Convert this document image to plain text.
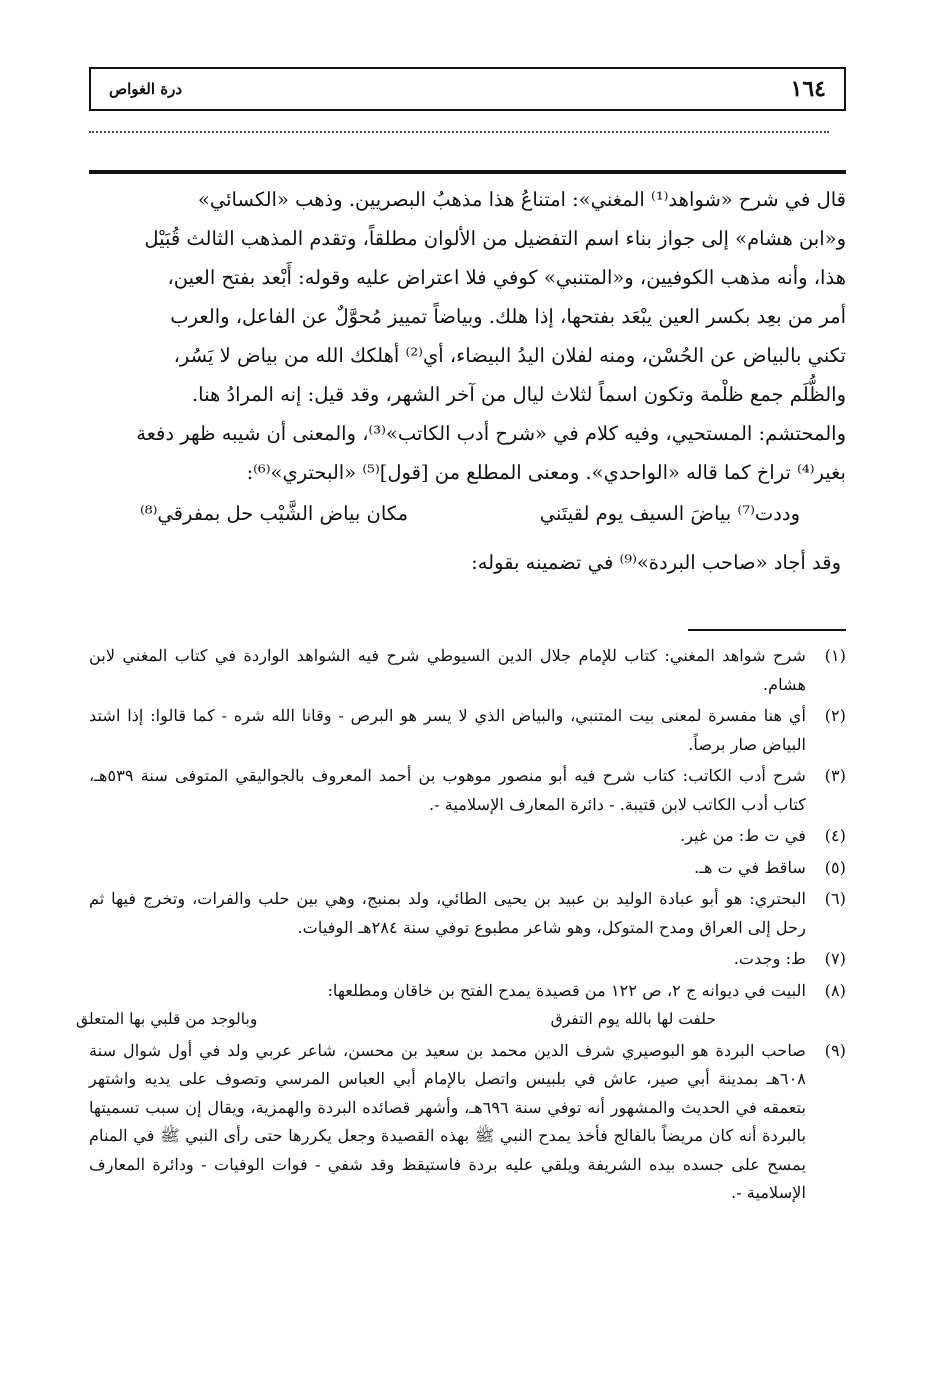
١٦٤
درة الغواص

قال في شرح «شواهد⁽¹⁾ المغني»: امتناعُ هذا مذهبُ البصريين. وذهب «الكسائي»

و«ابن هشام» إلى جواز بناء اسم التفضيل من الألوان مطلقاً، وتقدم المذهب الثالث قُبَيْل

هذا، وأنه مذهب الكوفيين، و«المتنبي» كوفي فلا اعتراض عليه وقوله: أَبْعد بفتح العين،

أمر من بعِد بكسر العين يبْعَد بفتحها، إذا هلك. وبياضاً تمييز مُحوَّلٌ عن الفاعل، والعرب

تكني بالبياض عن الحُسْن، ومنه لفلان اليدُ البيضاء، أي⁽²⁾ أهلكك الله من بياض لا يَسُر،

والظُّلَم جمع ظلْمة وتكون اسماً لثلاث ليال من آخر الشهر، وقد قيل: إنه المرادُ هنا.

والمحتشم: المستحيي، وفيه كلام في «شرح أدب الكاتب»⁽³⁾، والمعنى أن شيبه ظهر دفعة

بغير⁽⁴⁾ تراخ كما قاله «الواحدي». ومعنى المطلع من [قول]⁽⁵⁾ «البحتري»⁽⁶⁾:

وددت⁽⁷⁾ بياضَ السيف يوم لقيتَني
مكان بياض الشَّيْب حل بمفرقي⁽⁸⁾
وقد أجاد «صاحب البردة»⁽⁹⁾ في تضمينه بقوله:
(١)
شرح شواهد المغني: كتاب للإمام جلال الدين السيوطي شرح فيه الشواهد الواردة في كتاب المغني لابن هشام.
(٢)
أي هنا مفسرة لمعنى بيت المتنبي، والبياض الذي لا يسر هو البرص - وقانا الله شره - كما قالوا: إذا اشتد البياض صار برصاً.
(٣)
شرح أدب الكاتب: كتاب شرح فيه أبو منصور موهوب بن أحمد المعروف بالجواليقي المتوفى سنة ٥٣٩هـ، كتاب أدب الكاتب لابن قتيبة. - دائرة المعارف الإسلامية -.
(٤)
في ت ط: من غير.
(٥)
ساقط في ت هـ.
(٦)
البحتري: هو أبو عبادة الوليد بن عبيد بن يحيى الطائي، ولد بمنبج، وهي بين حلب والفرات، وتخرج فيها ثم رحل إلى العراق ومدح المتوكل، وهو شاعر مطبوع توفي سنة ٢٨٤هـ الوفيات.
(٧)
ط: وجدت.
(٨)
البيت في ديوانه ج ٢، ص ١٢٢ من قصيدة يمدح الفتح بن خاقان ومطلعها:
حلفت لها بالله يوم التفرق
وبالوجد من قلبي بها المتعلق
(٩)
صاحب البردة هو البوصيري شرف الدين محمد بن سعيد بن محسن، شاعر عربي ولد في أول شوال سنة ٦٠٨هـ بمدينة أبي صير، عاش في بلبيس واتصل بالإمام أبي العباس المرسي وتصوف على يديه واشتهر بتعمقه في الحديث والمشهور أنه توفي سنة ٦٩٦هـ، وأشهر قصائده البردة والهمزية، ويقال إن سبب تسميتها بالبردة أنه كان مريضاً بالفالج فأخذ يمدح النبي ﷺ بهذه القصيدة وجعل يكررها حتى رأى النبي ﷺ في المنام يمسح على جسده بيده الشريفة ويلقي عليه بردة فاستيقظ وقد شفي - فوات الوفيات - ودائرة المعارف الإسلامية -.
